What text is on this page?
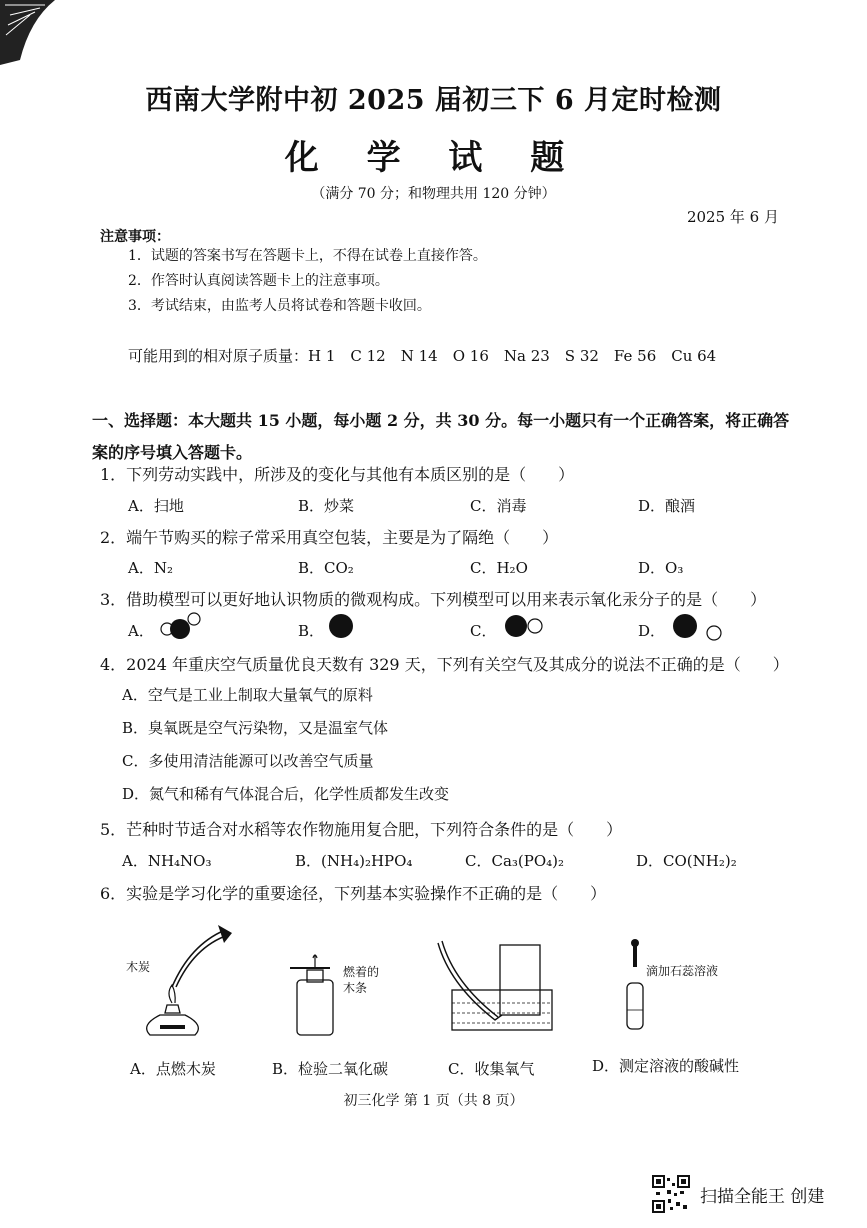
西南大学附中初 2025 届初三下 6 月定时检测
化 学 试 题
（满分 70 分；和物理共用 120 分钟）
2025 年 6 月
注意事项：
1．试题的答案书写在答题卡上，不得在试卷上直接作答。
2．作答时认真阅读答题卡上的注意事项。
3．考试结束，由监考人员将试卷和答题卡收回。
可能用到的相对原子质量：H 1　C 12　N 14　O 16　Na 23　S 32　Fe 56　Cu 64
一、选择题：本大题共 15 小题，每小题 2 分，共 30 分。每一小题只有一个正确答案，将正确答案的序号填入答题卡。
1．下列劳动实践中，所涉及的变化与其他有本质区别的是（　　）
A．扫地	B．炒菜	C．消毒	D．酿酒
2．端午节购买的粽子常采用真空包装，主要是为了隔绝（　　）
A．N₂	B．CO₂	C．H₂O	D．O₃
3．借助模型可以更好地认识物质的微观构成。下列模型可以用来表示氧化汞分子的是（　　）
A．	B．	C．	D．
4．2024 年重庆空气质量优良天数有 329 天，下列有关空气及其成分的说法不正确的是（　　）
A．空气是工业上制取大量氧气的原料
B．臭氧既是空气污染物，又是温室气体
C．多使用清洁能源可以改善空气质量
D．氮气和稀有气体混合后，化学性质都发生改变
5．芒种时节适合对水稻等农作物施用复合肥，下列符合条件的是（　　）
A．NH₄NO₃	B．(NH₄)₂HPO₄	C．Ca₃(PO₄)₂	D．CO(NH₂)₂
6．实验是学习化学的重要途径，下列基本实验操作不正确的是（　　）
木炭	燃着的
木条
滴加石蕊溶液
A．点燃木炭	B．检验二氧化碳	C．收集氧气	D．测定溶液的酸碱性
初三化学 第 1 页（共 8 页）
扫描全能王 创建
